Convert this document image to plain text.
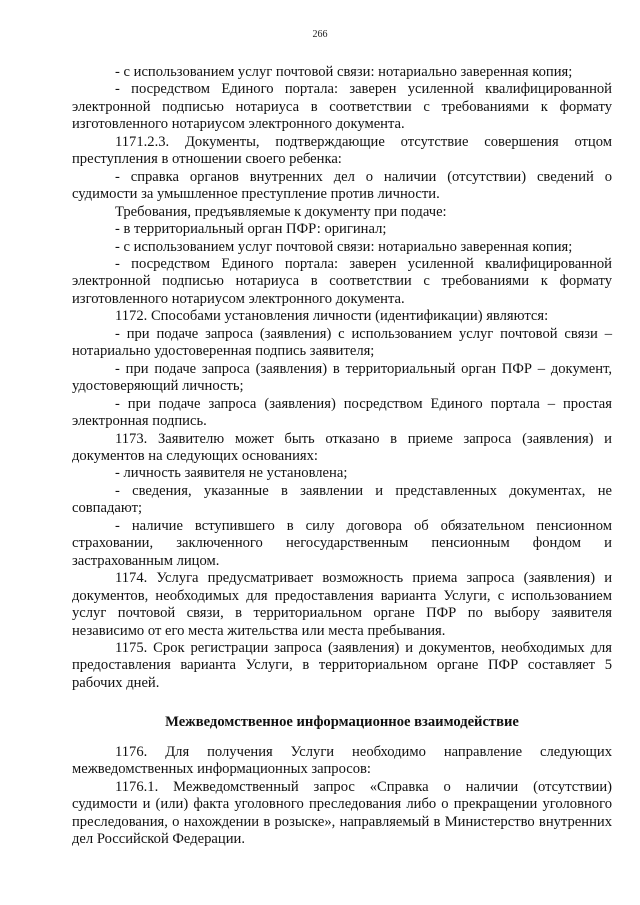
266

- с использованием услуг почтовой связи: нотариально заверенная копия;

- посредством Единого портала: заверен усиленной квалифицированной электронной подписью нотариуса в соответствии с требованиями к формату изготовленного нотариусом электронного документа.

1171.2.3. Документы, подтверждающие отсутствие совершения отцом преступления в отношении своего ребенка:

- справка органов внутренних дел о наличии (отсутствии) сведений о судимости за умышленное преступление против личности.

Требования, предъявляемые к документу при подаче:

- в территориальный орган ПФР: оригинал;

- с использованием услуг почтовой связи: нотариально заверенная копия;

- посредством Единого портала: заверен усиленной квалифицированной электронной подписью нотариуса в соответствии с требованиями к формату изготовленного нотариусом электронного документа.

1172. Способами установления личности (идентификации) являются:

- при подаче запроса (заявления) с использованием услуг почтовой связи – нотариально удостоверенная подпись заявителя;

- при подаче запроса (заявления) в территориальный орган ПФР – документ, удостоверяющий личность;

- при подаче запроса (заявления) посредством Единого портала – простая электронная подпись.

1173. Заявителю может быть отказано в приеме запроса (заявления) и документов на следующих основаниях:

- личность заявителя не установлена;

- сведения, указанные в заявлении и представленных документах, не совпадают;

- наличие вступившего в силу договора об обязательном пенсионном страховании, заключенного негосударственным пенсионным фондом и застрахованным лицом.

1174. Услуга предусматривает возможность приема запроса (заявления) и документов, необходимых для предоставления варианта Услуги, с использованием услуг почтовой связи, в территориальном органе ПФР по выбору заявителя независимо от его места жительства или места пребывания.

1175. Срок регистрации запроса (заявления) и документов, необходимых для предоставления варианта Услуги, в территориальном органе ПФР составляет 5 рабочих дней.

Межведомственное информационное взаимодействие

1176. Для получения Услуги необходимо направление следующих межведомственных информационных запросов:

1176.1. Межведомственный запрос «Справка о наличии (отсутствии) судимости и (или) факта уголовного преследования либо о прекращении уголовного преследования, о нахождении в розыске», направляемый в Министерство внутренних дел Российской Федерации.
